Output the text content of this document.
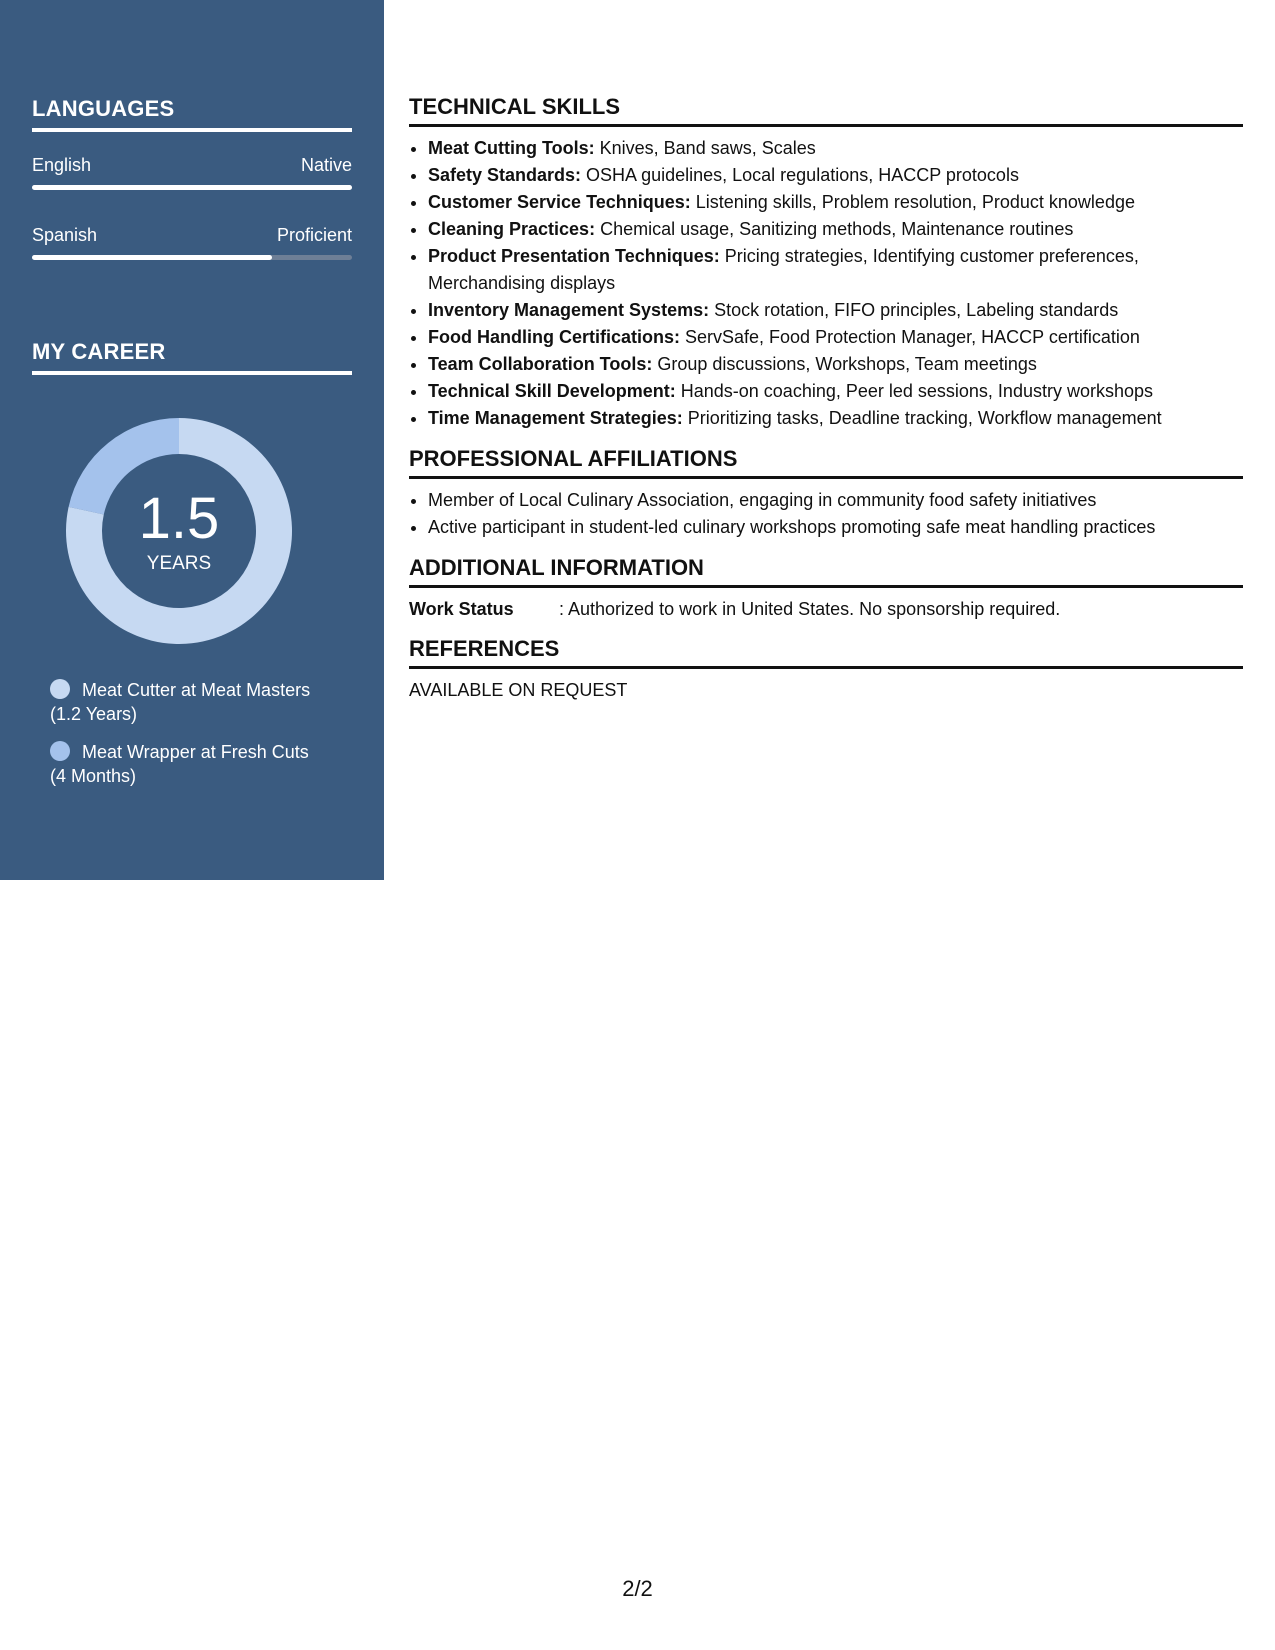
LANGUAGES
English	Native
Spanish	Proficient
MY CAREER
1.5
YEARS
Meat Cutter at Meat Masters
(1.2 Years)
Meat Wrapper at Fresh Cuts
(4 Months)
TECHNICAL SKILLS
• Meat Cutting Tools: Knives, Band saws, Scales
• Safety Standards: OSHA guidelines, Local regulations, HACCP protocols
• Customer Service Techniques: Listening skills, Problem resolution, Product knowledge
• Cleaning Practices: Chemical usage, Sanitizing methods, Maintenance routines
• Product Presentation Techniques: Pricing strategies, Identifying customer preferences, Merchandising displays
• Inventory Management Systems: Stock rotation, FIFO principles, Labeling standards
• Food Handling Certifications: ServSafe, Food Protection Manager, HACCP certification
• Team Collaboration Tools: Group discussions, Workshops, Team meetings
• Technical Skill Development: Hands-on coaching, Peer led sessions, Industry workshops
• Time Management Strategies: Prioritizing tasks, Deadline tracking, Workflow management
PROFESSIONAL AFFILIATIONS
• Member of Local Culinary Association, engaging in community food safety initiatives
• Active participant in student-led culinary workshops promoting safe meat handling practices
ADDITIONAL INFORMATION
Work Status	: Authorized to work in United States. No sponsorship required.
REFERENCES
AVAILABLE ON REQUEST
2/2
